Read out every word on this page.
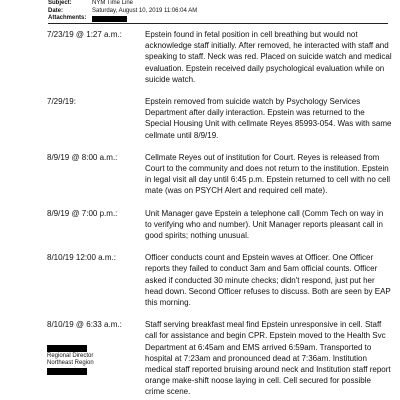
Subject:	NYM Time Line
Date:	Saturday, August 10, 2019 11:06:04 AM
Attachments:
7/23/19 @ 1:27 a.m.:	Epstein found in fetal position in cell breathing but would not acknowledge staff initially. After removed, he interacted with staff and speaking to staff. Neck was red. Placed on suicide watch and medical evaluation. Epstein received daily psychological evaluation while on suicide watch.
7/29/19:	Epstein removed from suicide watch by Psychology Services Department after daily interaction. Epstein was returned to the Special Housing Unit with cellmate Reyes 85993-054. Was with same cellmate until 8/9/19.
8/9/19 @ 8:00 a.m.:	Cellmate Reyes out of institution for Court. Reyes is released from Court to the community and does not return to the institution. Epstein in legal visit all day until 6:45 p.m. Epstein returned to cell with no cell mate (was on PSYCH Alert and required cell mate).
8/9/19 @ 7:00 p.m.:	Unit Manager gave Epstein a telephone call (Comm Tech on way in to verifying who and number). Unit Manager reports pleasant call in good spirits; nothing unusual.
8/10/19 12:00 a.m.:	Officer conducts count and Epstein waves at Officer. One Officer reports they failed to conduct 3am and 5am official counts. Officer asked if conducted 30 minute checks; didn't respond, just put her head down. Second Officer refuses to discuss. Both are seen by EAP this morning.
8/10/19 @ 6:33 a.m.:	Staff serving breakfast meal find Epstein unresponsive in cell. Staff call for assistance and begin CPR. Epstein moved to the Health Svc Department at 6:45am and EMS arrived 6:59am. Transported to hospital at 7:23am and pronounced dead at 7:36am. Institution medical staff reported bruising around neck and Institution staff report orange make-shift noose laying in cell. Cell secured for possible crime scene.
Regional Director
Northeast Region
